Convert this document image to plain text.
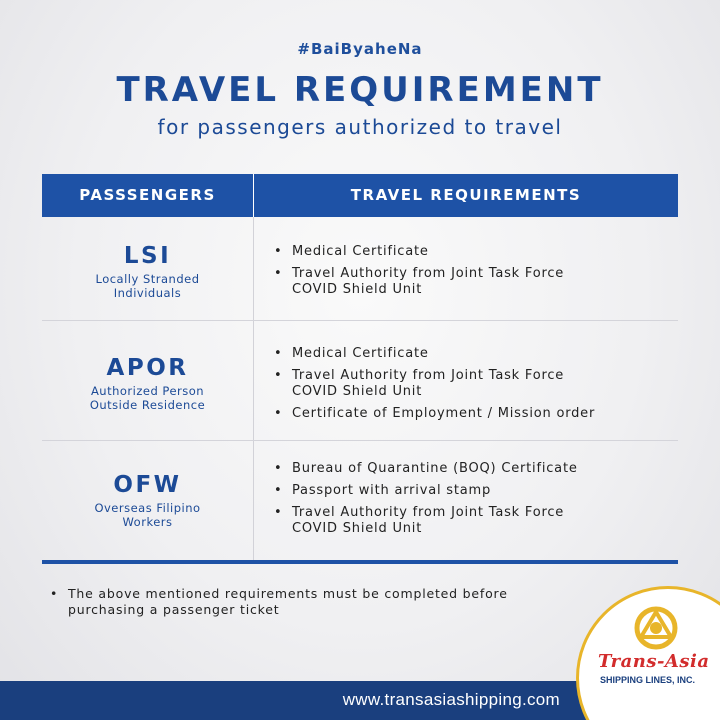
#BaiByaheNa
TRAVEL REQUIREMENT
for passengers authorized to travel
PASSSENGERS	TRAVEL REQUIREMENTS
LSI
Locally Stranded
Individuals
• Medical Certificate
• Travel Authority from Joint Task Force
COVID Shield Unit
APOR
Authorized Person
Outside Residence
• Medical Certificate
• Travel Authority from Joint Task Force
COVID Shield Unit
• Certificate of Employment / Mission order
OFW
Overseas Filipino
Workers
• Bureau of Quarantine (BOQ) Certificate
• Passport with arrival stamp
• Travel Authority from Joint Task Force
COVID Shield Unit
• The above mentioned requirements must be completed before
purchasing a passenger ticket
www.transasiashipping.com
Trans-Asia
SHIPPING LINES, INC.
